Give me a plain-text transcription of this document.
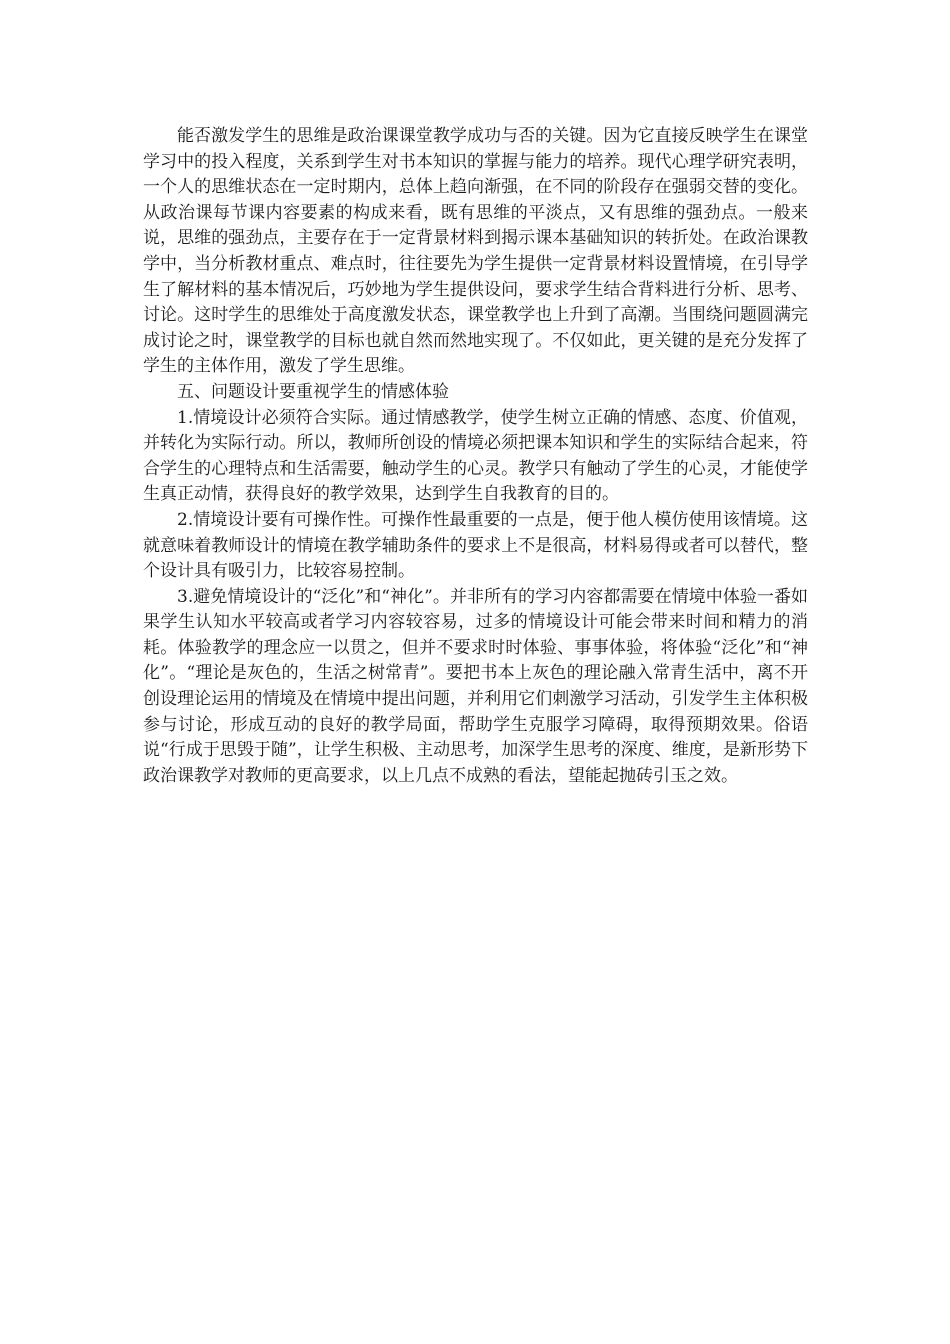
能否激发学生的思维是政治课课堂教学成功与否的关键。因为它直接反映学生在课堂学习中的投入程度，关系到学生对书本知识的掌握与能力的培养。现代心理学研究表明，一个人的思维状态在一定时期内，总体上趋向渐强，在不同的阶段存在强弱交替的变化。从政治课每节课内容要素的构成来看，既有思维的平淡点，又有思维的强劲点。一般来说，思维的强劲点，主要存在于一定背景材料到揭示课本基础知识的转折处。在政治课教学中，当分析教材重点、难点时，往往要先为学生提供一定背景材料设置情境，在引导学生了解材料的基本情况后，巧妙地为学生提供设问，要求学生结合背料进行分析、思考、讨论。这时学生的思维处于高度激发状态，课堂教学也上升到了高潮。当围绕问题圆满完成讨论之时，课堂教学的目标也就自然而然地实现了。不仅如此，更关键的是充分发挥了学生的主体作用，激发了学生思维。

五、问题设计要重视学生的情感体验

1.情境设计必须符合实际。通过情感教学，使学生树立正确的情感、态度、价值观，并转化为实际行动。所以，教师所创设的情境必须把课本知识和学生的实际结合起来，符合学生的心理特点和生活需要，触动学生的心灵。教学只有触动了学生的心灵，才能使学生真正动情，获得良好的教学效果，达到学生自我教育的目的。

2.情境设计要有可操作性。可操作性最重要的一点是，便于他人模仿使用该情境。这就意味着教师设计的情境在教学辅助条件的要求上不是很高，材料易得或者可以替代，整个设计具有吸引力，比较容易控制。

3.避免情境设计的“泛化”和“神化”。并非所有的学习内容都需要在情境中体验一番如果学生认知水平较高或者学习内容较容易，过多的情境设计可能会带来时间和精力的消耗。体验教学的理念应一以贯之，但并不要求时时体验、事事体验，将体验“泛化”和“神化”。“理论是灰色的，生活之树常青”。要把书本上灰色的理论融入常青生活中，离不开创设理论运用的情境及在情境中提出问题，并利用它们刺激学习活动，引发学生主体积极参与讨论，形成互动的良好的教学局面，帮助学生克服学习障碍，取得预期效果。俗语说“行成于思毁于随”，让学生积极、主动思考，加深学生思考的深度、维度，是新形势下政治课教学对教师的更高要求，以上几点不成熟的看法，望能起抛砖引玉之效。
